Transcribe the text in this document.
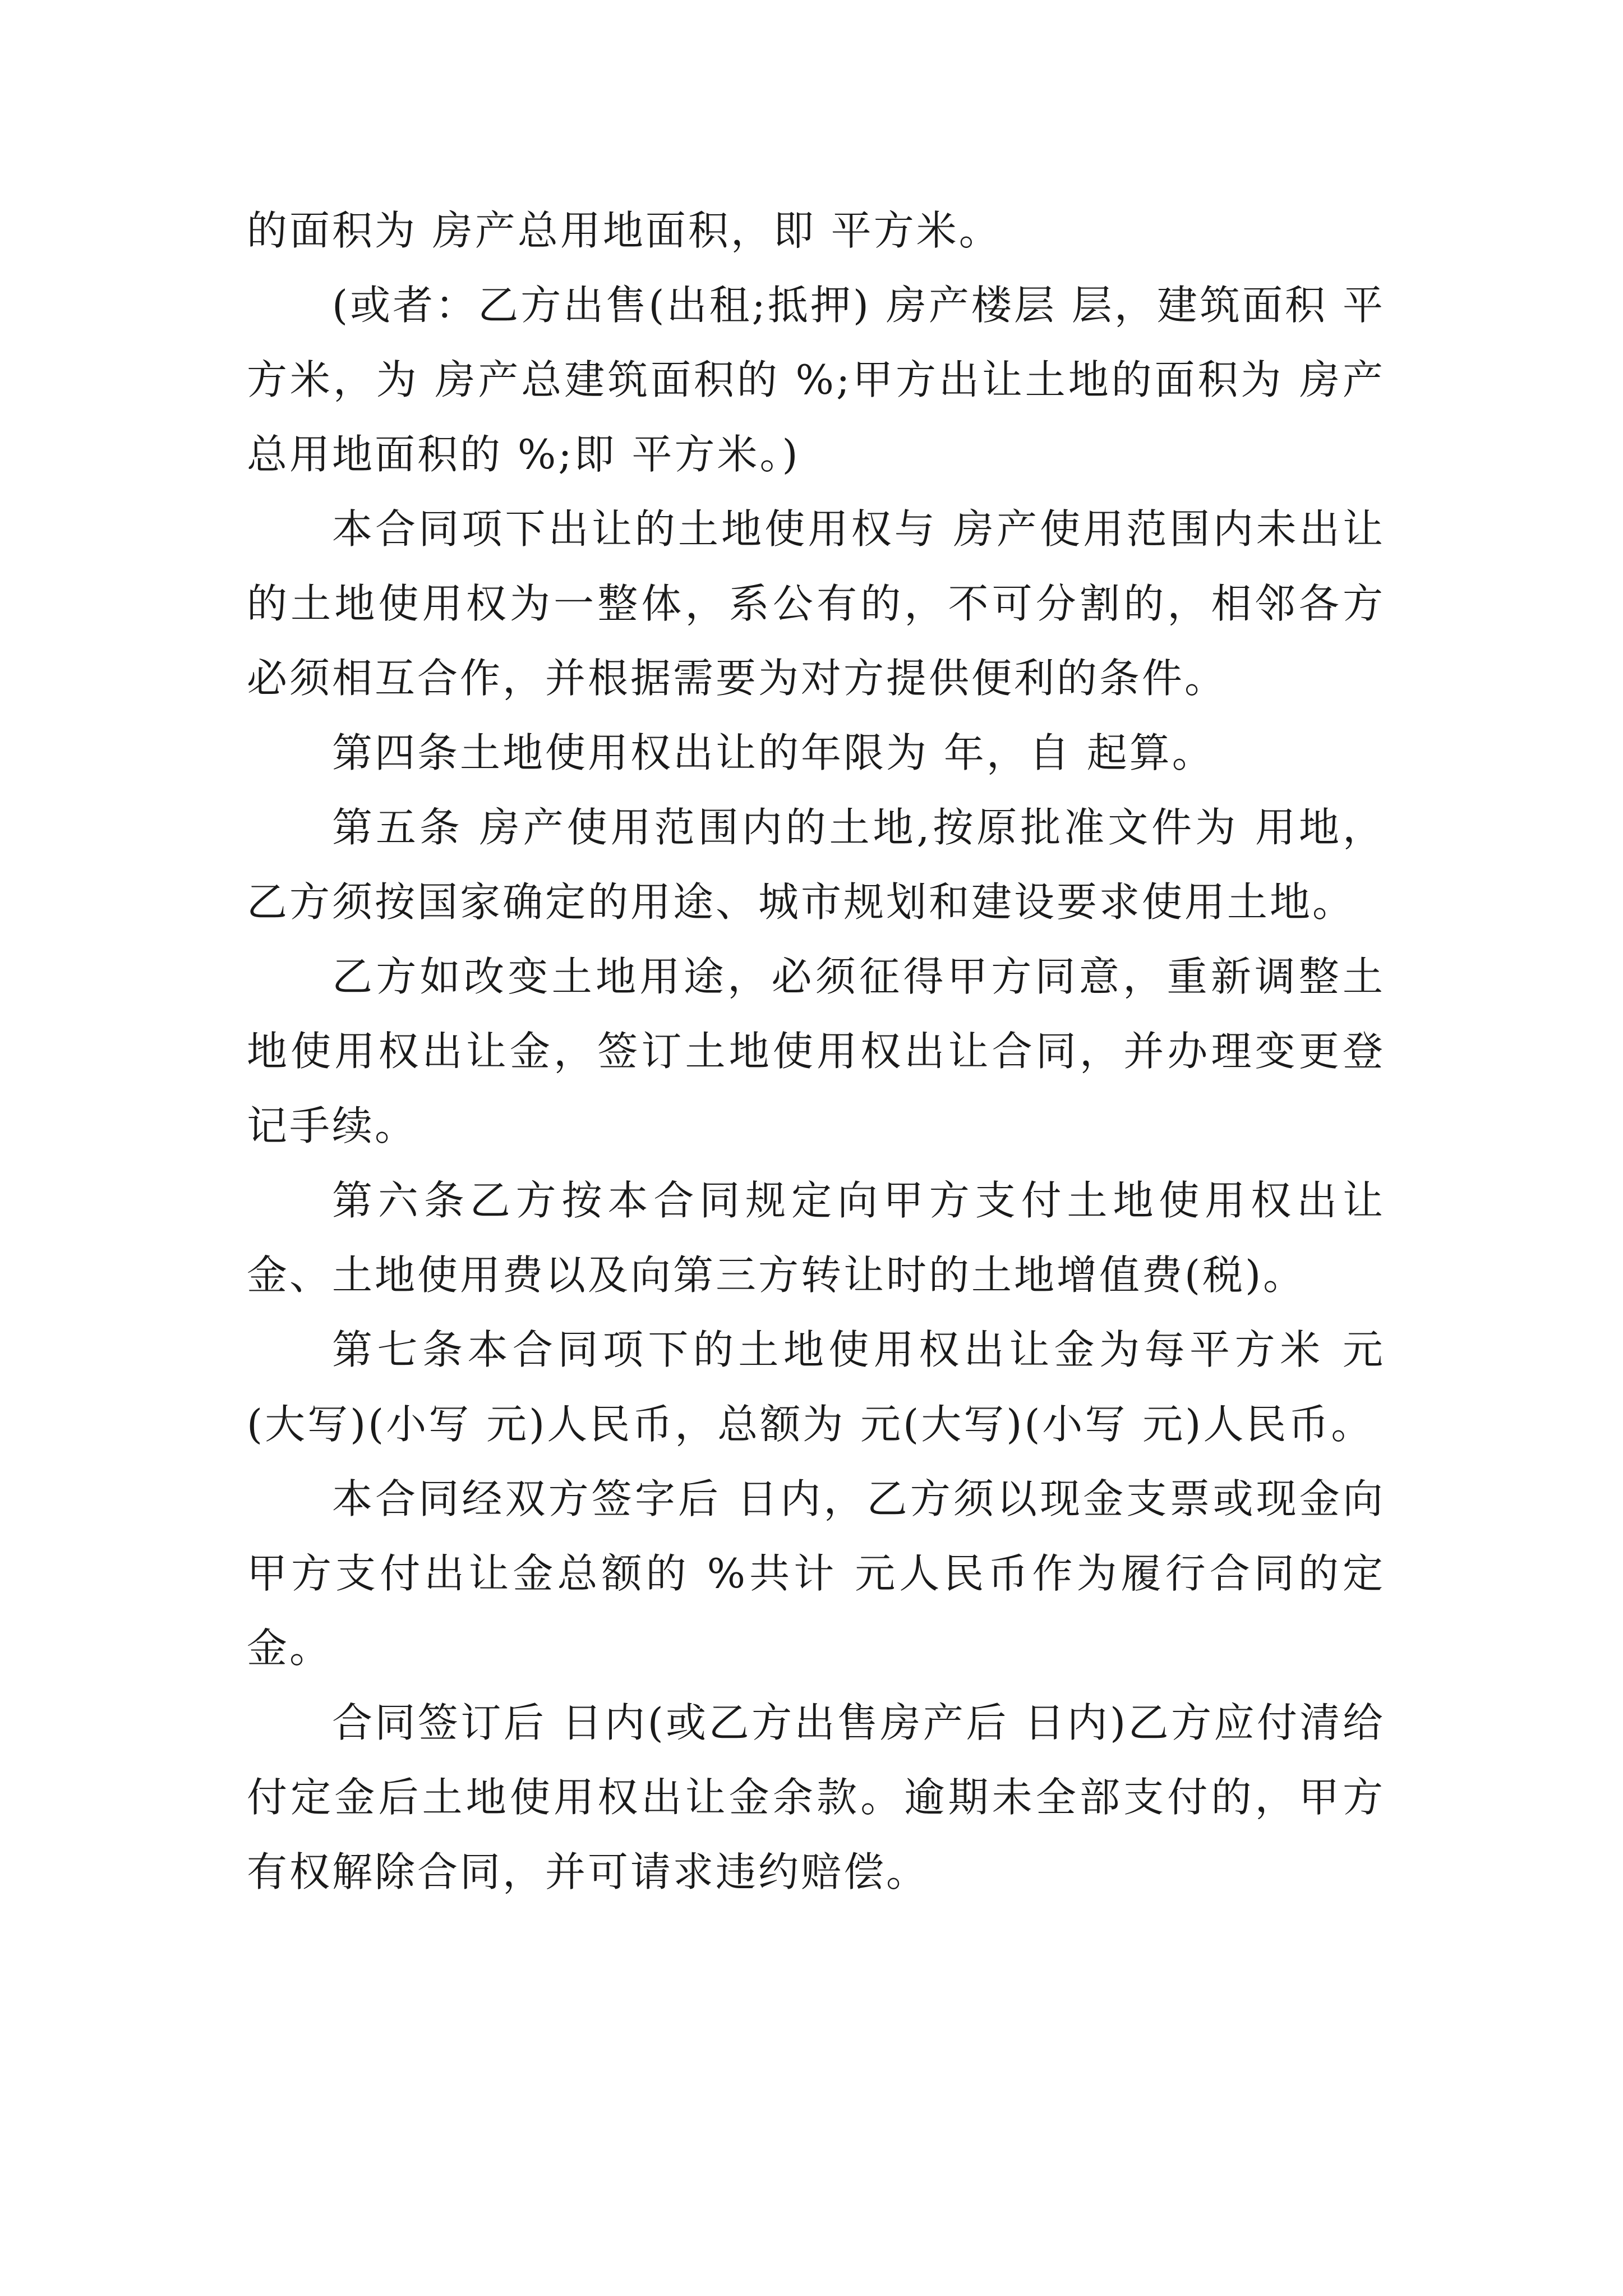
的面积为 房产总用地面积，即 平方米。

(或者：乙方出售(出租;抵押) 房产楼层 层，建筑面积 平方米，为 房产总建筑面积的 %;甲方出让土地的面积为 房产总用地面积的 %;即 平方米。)

本合同项下出让的土地使用权与 房产使用范围内未出让的土地使用权为一整体，系公有的，不可分割的，相邻各方必须相互合作，并根据需要为对方提供便利的条件。

第四条土地使用权出让的年限为 年，自 起算。

第五条 房产使用范围内的土地,按原批准文件为 用地，乙方须按国家确定的用途、城市规划和建设要求使用土地。

乙方如改变土地用途，必须征得甲方同意，重新调整土地使用权出让金，签订土地使用权出让合同，并办理变更登记手续。

第六条乙方按本合同规定向甲方支付土地使用权出让金、土地使用费以及向第三方转让时的土地增值费(税)。

第七条本合同项下的土地使用权出让金为每平方米 元(大写)(小写 元)人民币，总额为 元(大写)(小写 元)人民币。

本合同经双方签字后 日内，乙方须以现金支票或现金向甲方支付出让金总额的 %共计 元人民币作为履行合同的定金。

合同签订后 日内(或乙方出售房产后 日内)乙方应付清给付定金后土地使用权出让金余款。逾期未全部支付的，甲方有权解除合同，并可请求违约赔偿。
